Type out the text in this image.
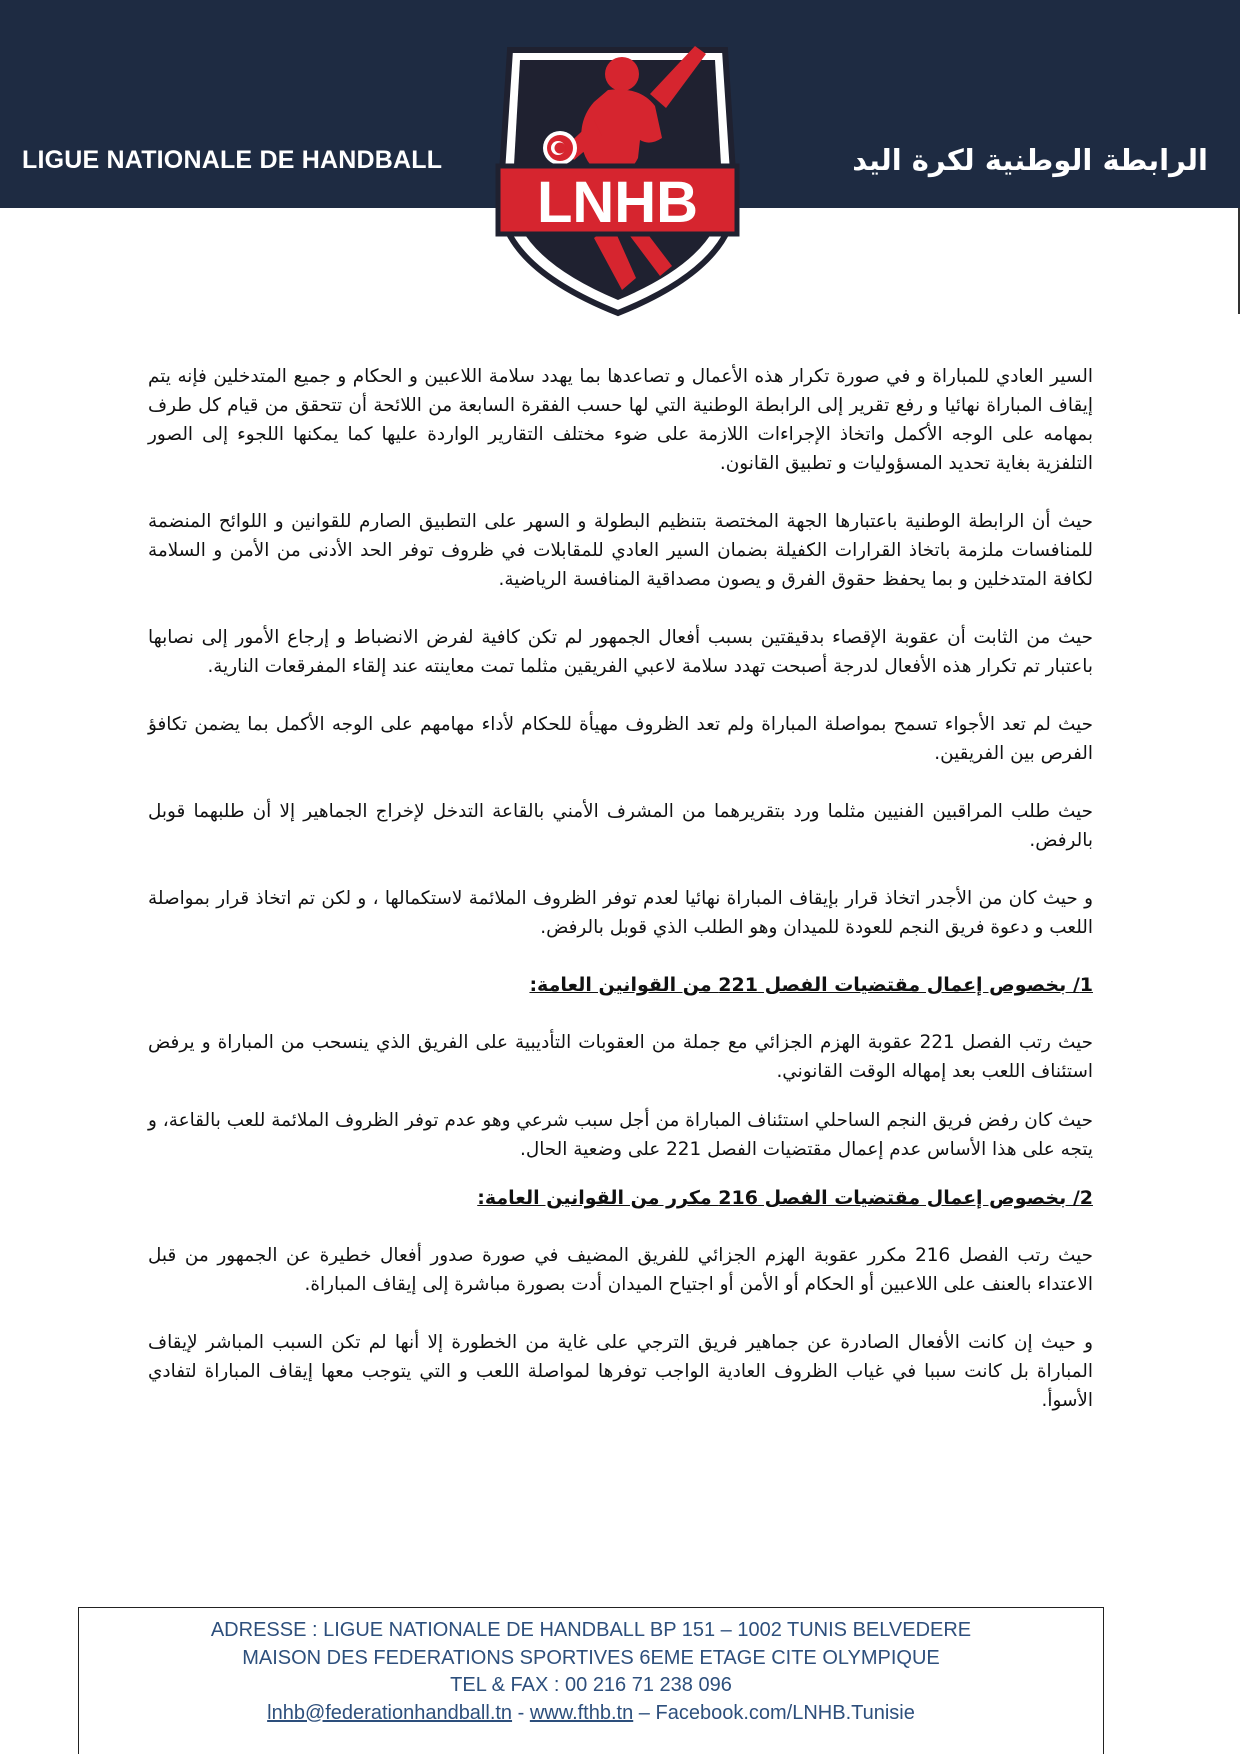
LIGUE NATIONALE DE HANDBALL	الرابطة الوطنية لكرة اليد
LNHB

السير العادي للمباراة و في صورة تكرار هذه الأعمال و تصاعدها بما يهدد سلامة اللاعبين و الحكام و جميع المتدخلين فإنه يتم إيقاف المباراة نهائيا و رفع تقرير إلى الرابطة الوطنية التي لها حسب الفقرة السابعة من اللائحة أن تتحقق من قيام كل طرف بمهامه على الوجه الأكمل واتخاذ الإجراءات اللازمة على ضوء مختلف التقارير الواردة عليها كما يمكنها اللجوء إلى الصور التلفزية بغاية تحديد المسؤوليات و تطبيق القانون.

حيث أن الرابطة الوطنية باعتبارها الجهة المختصة بتنظيم البطولة و السهر على التطبيق الصارم للقوانين و اللوائح المنضمة للمنافسات ملزمة باتخاذ القرارات الكفيلة بضمان السير العادي للمقابلات في ظروف توفر الحد الأدنى من الأمن و السلامة لكافة المتدخلين و بما يحفظ حقوق الفرق و يصون مصداقية المنافسة الرياضية.

حيث من الثابت أن عقوبة الإقصاء بدقيقتين بسبب أفعال الجمهور لم تكن كافية لفرض الانضباط و إرجاع الأمور إلى نصابها باعتبار تم تكرار هذه الأفعال لدرجة أصبحت تهدد سلامة لاعبي الفريقين مثلما تمت معاينته عند إلقاء المفرقعات النارية.

حيث لم تعد الأجواء تسمح بمواصلة المباراة ولم تعد الظروف مهيأة للحكام لأداء مهامهم على الوجه الأكمل بما يضمن تكافؤ الفرص بين الفريقين.

حيث طلب المراقبين الفنيين مثلما ورد بتقريرهما من المشرف الأمني بالقاعة التدخل لإخراج الجماهير إلا أن طلبهما قوبل بالرفض.

و حيث كان من الأجدر اتخاذ قرار بإيقاف المباراة نهائيا لعدم توفر الظروف الملائمة لاستكمالها ، و لكن تم اتخاذ قرار بمواصلة اللعب و دعوة فريق النجم للعودة للميدان وهو الطلب الذي قوبل بالرفض.

1/ بخصوص إعمال مقتضيات الفصل 221 من القوانين العامة:

حيث رتب الفصل 221 عقوبة الهزم الجزائي مع جملة من العقوبات التأديبية على الفريق الذي ينسحب من المباراة و يرفض استئناف اللعب بعد إمهاله الوقت القانوني.

حيث كان رفض فريق النجم الساحلي استئناف المباراة من أجل سبب شرعي وهو عدم توفر الظروف الملائمة للعب بالقاعة، و يتجه على هذا الأساس عدم إعمال مقتضيات الفصل 221 على وضعية الحال.

2/ بخصوص إعمال مقتضيات الفصل 216 مكرر من القوانين العامة:

حيث رتب الفصل 216 مكرر عقوبة الهزم الجزائي للفريق المضيف في صورة صدور أفعال خطيرة عن الجمهور من قبل الاعتداء بالعنف على اللاعبين أو الحكام أو الأمن أو اجتياح الميدان أدت بصورة مباشرة إلى إيقاف المباراة.

و حيث إن كانت الأفعال الصادرة عن جماهير فريق الترجي على غاية من الخطورة إلا أنها لم تكن السبب المباشر لإيقاف المباراة بل كانت سببا في غياب الظروف العادية الواجب توفرها لمواصلة اللعب و التي يتوجب معها إيقاف المباراة لتفادي الأسوأ.

ADRESSE : LIGUE NATIONALE DE HANDBALL BP 151 – 1002 TUNIS BELVEDERE
MAISON DES FEDERATIONS SPORTIVES 6EME ETAGE CITE OLYMPIQUE
TEL & FAX : 00 216 71 238 096
lnhb@federationhandball.tn - www.fthb.tn – Facebook.com/LNHB.Tunisie
